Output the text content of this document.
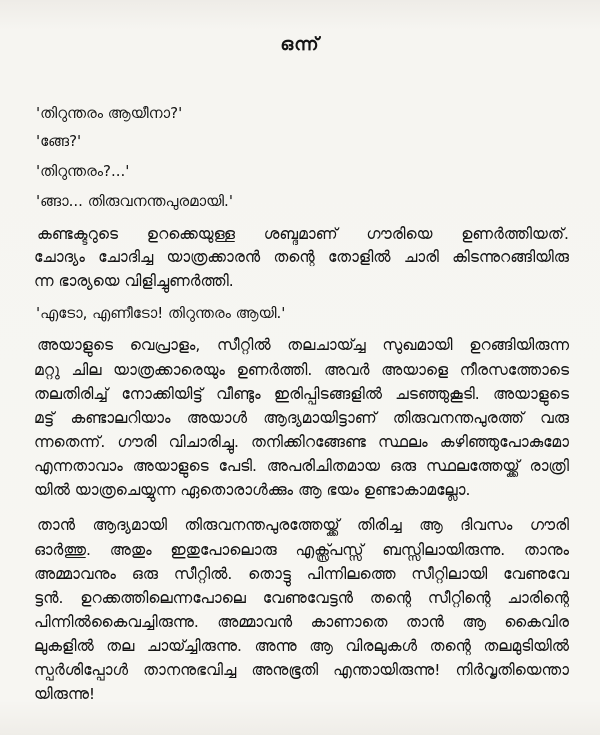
ഒന്ന്
'തിറുന്തരം ആയീനാ?'
'ങ്ങേ?'
'തിറുന്തരം?...'
'ങ്ങാ... തിരുവനന്തപുരമായി.'
കണ്ടക്ടറുടെ ഉറക്കെയുള്ള ശബ്ദമാണ് ഗൗരിയെ ഉണർത്തിയത്.
ചോദ്യം ചോദിച്ച യാത്രക്കാരൻ തന്റെ തോളിൽ ചാരി കിടന്നുറങ്ങിയിരു
ന്ന ഭാര്യയെ വിളിച്ചുണർത്തി.
'എടോ, എണീടോ! തിറുന്തരം ആയി.'
അയാളുടെ വെപ്രാളം, സീറ്റിൽ തലചായ്ച്ച സുഖമായി ഉറങ്ങിയിരുന്ന
മറ്റു ചില യാത്രക്കാരെയും ഉണർത്തി. അവർ അയാളെ നീരസത്തോടെ
തലതിരിച്ച് നോക്കിയിട്ട് വീണ്ടും ഇരിപ്പിടങ്ങളിൽ ചടഞ്ഞുകൂടി. അയാളുടെ
മട്ട് കണ്ടാലറിയാം അയാൾ ആദ്യമായിട്ടാണ് തിരുവനന്തപുരത്ത് വരു
ന്നതെന്ന്. ഗൗരി വിചാരിച്ചു. തനിക്കിറങ്ങേണ്ട സ്ഥലം കഴിഞ്ഞുപോകുമോ
എന്നതാവാം അയാളുടെ പേടി. അപരിചിതമായ ഒരു സ്ഥലത്തേയ്ക്ക് രാത്രി
യിൽ യാത്രചെയ്യുന്ന ഏതൊരാൾക്കും ആ ഭയം ഉണ്ടാകാമല്ലോ.
താൻ ആദ്യമായി തിരുവനന്തപുരത്തേയ്ക്ക് തിരിച്ച ആ ദിവസം ഗൗരി
ഓർത്തു. അതും ഇതുപോലൊരു എക്സ്പ്രസ്സ് ബസ്സിലായിരുന്നു. താനും
അമ്മാവനും ഒരു സീറ്റിൽ. തൊട്ടു പിന്നിലത്തെ സീറ്റിലായി വേണുവേ
ട്ടൻ. ഉറക്കത്തിലെന്നപോലെ വേണുവേട്ടൻ തന്റെ സീറ്റിന്റെ ചാരിന്റെ
പിന്നിൽകൈവച്ചിരുന്നു. അമ്മാവൻ കാണാതെ താൻ ആ കൈവിര
ലുകളിൽ തല ചായ്ച്ചിരുന്നു. അന്നു ആ വിരലുകൾ തന്റെ തലമുടിയിൽ
സ്പർശിപ്പോൾ താനനുഭവിച്ച അനുഭൂതി എന്തായിരുന്നു! നിർവൃതിയെന്താ
യിരുന്നു!
